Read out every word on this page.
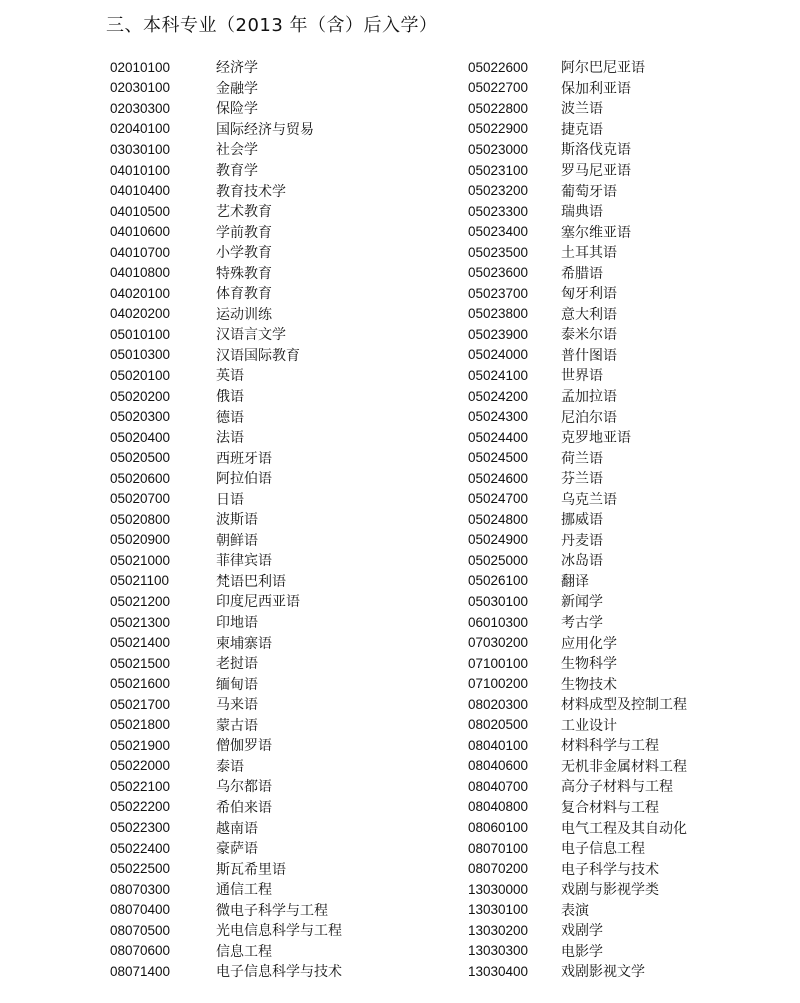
三、本科专业（2013 年（含）后入学）
02010100	经济学
02030100	金融学
02030300	保险学
02040100	国际经济与贸易
03030100	社会学
04010100	教育学
04010400	教育技术学
04010500	艺术教育
04010600	学前教育
04010700	小学教育
04010800	特殊教育
04020100	体育教育
04020200	运动训练
05010100	汉语言文学
05010300	汉语国际教育
05020100	英语
05020200	俄语
05020300	德语
05020400	法语
05020500	西班牙语
05020600	阿拉伯语
05020700	日语
05020800	波斯语
05020900	朝鲜语
05021000	菲律宾语
05021100	梵语巴利语
05021200	印度尼西亚语
05021300	印地语
05021400	柬埔寨语
05021500	老挝语
05021600	缅甸语
05021700	马来语
05021800	蒙古语
05021900	僧伽罗语
05022000	泰语
05022100	乌尔都语
05022200	希伯来语
05022300	越南语
05022400	豪萨语
05022500	斯瓦希里语
08070300	通信工程
08070400	微电子科学与工程
08070500	光电信息科学与工程
08070600	信息工程
08071400	电子信息科学与技术
05022600	阿尔巴尼亚语
05022700	保加利亚语
05022800	波兰语
05022900	捷克语
05023000	斯洛伐克语
05023100	罗马尼亚语
05023200	葡萄牙语
05023300	瑞典语
05023400	塞尔维亚语
05023500	土耳其语
05023600	希腊语
05023700	匈牙利语
05023800	意大利语
05023900	泰米尔语
05024000	普什图语
05024100	世界语
05024200	孟加拉语
05024300	尼泊尔语
05024400	克罗地亚语
05024500	荷兰语
05024600	芬兰语
05024700	乌克兰语
05024800	挪威语
05024900	丹麦语
05025000	冰岛语
05026100	翻译
05030100	新闻学
06010300	考古学
07030200	应用化学
07100100	生物科学
07100200	生物技术
08020300	材料成型及控制工程
08020500	工业设计
08040100	材料科学与工程
08040600	无机非金属材料工程
08040700	高分子材料与工程
08040800	复合材料与工程
08060100	电气工程及其自动化
08070100	电子信息工程
08070200	电子科学与技术
13030000	戏剧与影视学类
13030100	表演
13030200	戏剧学
13030300	电影学
13030400	戏剧影视文学
